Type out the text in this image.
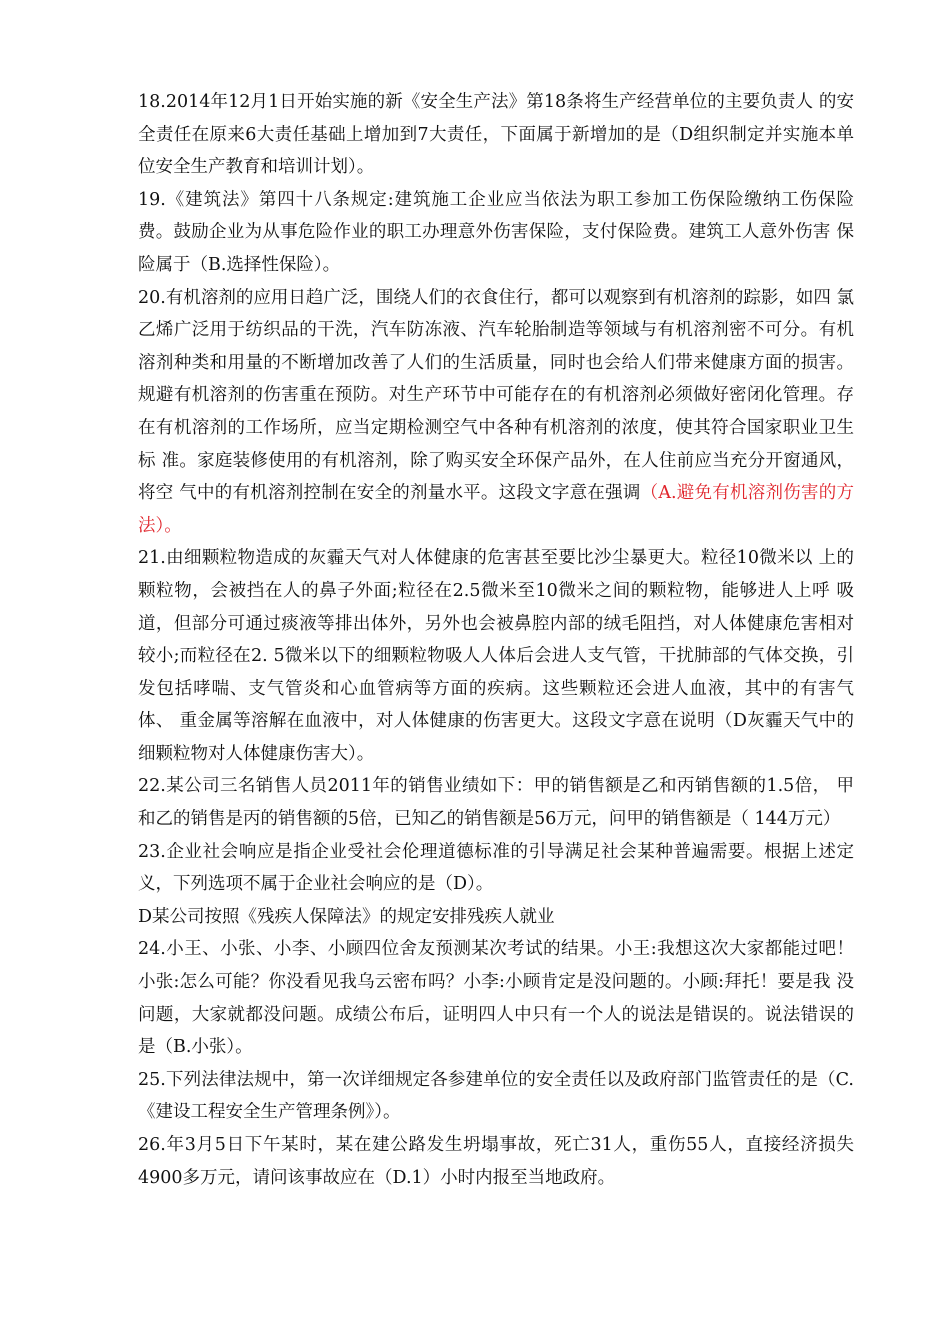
18.2014年12月1日开始实施的新《安全生产法》第18条将生产经营单位的主要负责人 的安全责任在原来6大责任基础上增加到7大责任，下面属于新增加的是（D组织制定并实施本单位安全生产教育和培训计划）。

19.《建筑法》第四十八条规定:建筑施工企业应当依法为职工参加工伤保险缴纳工伤保险费。鼓励企业为从事危险作业的职工办理意外伤害保险，支付保险费。建筑工人意外伤害 保险属于（B.选择性保险）。

20.有机溶剂的应用日趋广泛，围绕人们的衣食住行，都可以观察到有机溶剂的踪影，如四 氯乙烯广泛用于纺织品的干洗，汽车防冻液、汽车轮胎制造等领域与有机溶剂密不可分。有机 溶剂种类和用量的不断增加改善了人们的生活质量，同时也会给人们带来健康方面的损害。 规避有机溶剂的伤害重在预防。对生产环节中可能存在的有机溶剂必须做好密闭化管理。存 在有机溶剂的工作场所，应当定期检测空气中各种有机溶剂的浓度，使其符合国家职业卫生标 准。家庭装修使用的有机溶剂，除了购买安全环保产品外，在人住前应当充分开窗通风，将空 气中的有机溶剂控制在安全的剂量水平。这段文字意在强调（A.避免有机溶剂伤害的方法）。

21.由细颗粒物造成的灰霾天气对人体健康的危害甚至要比沙尘暴更大。粒径10微米以 上的颗粒物，会被挡在人的鼻子外面;粒径在2.5微米至10微米之间的颗粒物，能够进人上呼 吸道，但部分可通过痰液等排出体外，另外也会被鼻腔内部的绒毛阻挡，对人体健康危害相对 较小;而粒径在2. 5微米以下的细颗粒物吸人人体后会进人支气管，干扰肺部的气体交换，引发包括哮喘、支气管炎和心血管病等方面的疾病。这些颗粒还会进人血液，其中的有害气体、 重金属等溶解在血液中，对人体健康的伤害更大。这段文字意在说明（D灰霾天气中的细颗粒物对人体健康伤害大）。

22.某公司三名销售人员2011年的销售业绩如下：甲的销售额是乙和丙销售额的1.5倍， 甲和乙的销售是丙的销售额的5倍，已知乙的销售额是56万元，问甲的销售额是（ 144万元）

23.企业社会响应是指企业受社会伦理道德标准的引导满足社会某种普遍需要。根据上述定义，下列选项不属于企业社会响应的是（D）。

D某公司按照《残疾人保障法》的规定安排残疾人就业

24.小王、小张、小李、小顾四位舍友预测某次考试的结果。小王:我想这次大家都能过吧！ 小张:怎么可能？你没看见我乌云密布吗？小李:小顾肯定是没问题的。小顾:拜托！要是我 没问题，大家就都没问题。成绩公布后，证明四人中只有一个人的说法是错误的。说法错误的 是（B.小张）。

25.下列法律法规中，第一次详细规定各参建单位的安全责任以及政府部门监管责任的是（C.《建设工程安全生产管理条例》）。

26.年3月5日下午某时，某在建公路发生坍塌事故，死亡31人，重伤55人，直接经济损失4900多万元，请问该事故应在（D.1）小时内报至当地政府。
